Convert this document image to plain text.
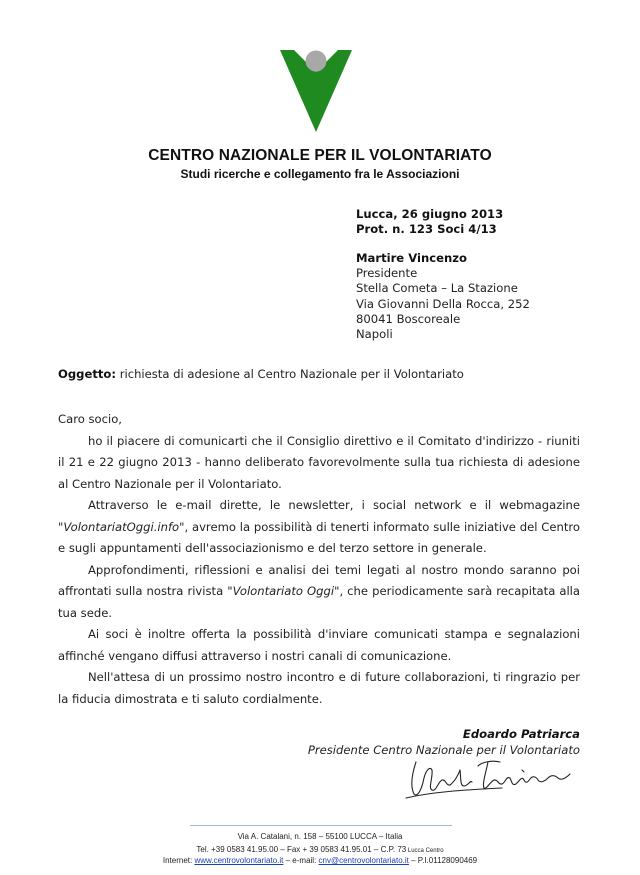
CENTRO NAZIONALE PER IL VOLONTARIATO
Studi ricerche e collegamento fra le Associazioni
Lucca, 26 giugno 2013
Prot. n. 123 Soci 4/13
Martire Vincenzo
Presidente
Stella Cometa – La Stazione
Via Giovanni Della Rocca, 252
80041 Boscoreale
Napoli
Oggetto: richiesta di adesione al Centro Nazionale per il Volontariato

Caro socio,

ho il piacere di comunicarti che il Consiglio direttivo e il Comitato d'indirizzo - riuniti il 21 e 22 giugno 2013 - hanno deliberato favorevolmente sulla tua richiesta di adesione al Centro Nazionale per il Volontariato.

Attraverso le e-mail dirette, le newsletter, i social network e il webmagazine "VolontariatOggi.info", avremo la possibilità di tenerti informato sulle iniziative del Centro e sugli appuntamenti dell'associazionismo e del terzo settore in generale.

Approfondimenti, riflessioni e analisi dei temi legati al nostro mondo saranno poi affrontati sulla nostra rivista "Volontariato Oggi", che periodicamente sarà recapitata alla tua sede.

Ai soci è inoltre offerta la possibilità d'inviare comunicati stampa e segnalazioni affinché vengano diffusi attraverso i nostri canali di comunicazione.

Nell'attesa di un prossimo nostro incontro e di future collaborazioni, ti ringrazio per la fiducia dimostrata e ti saluto cordialmente.

Edoardo Patriarca
Presidente Centro Nazionale per il Volontariato
Via A. Catalani, n. 158 – 55100 LUCCA – Italia
Tel. +39 0583 41.95.00 – Fax + 39 0583 41.95.01 – C.P. 73 Lucca Centro
Internet: www.centrovolontariato.it – e-mail: cnv@centrovolontariato.it – P.I.01128090469
